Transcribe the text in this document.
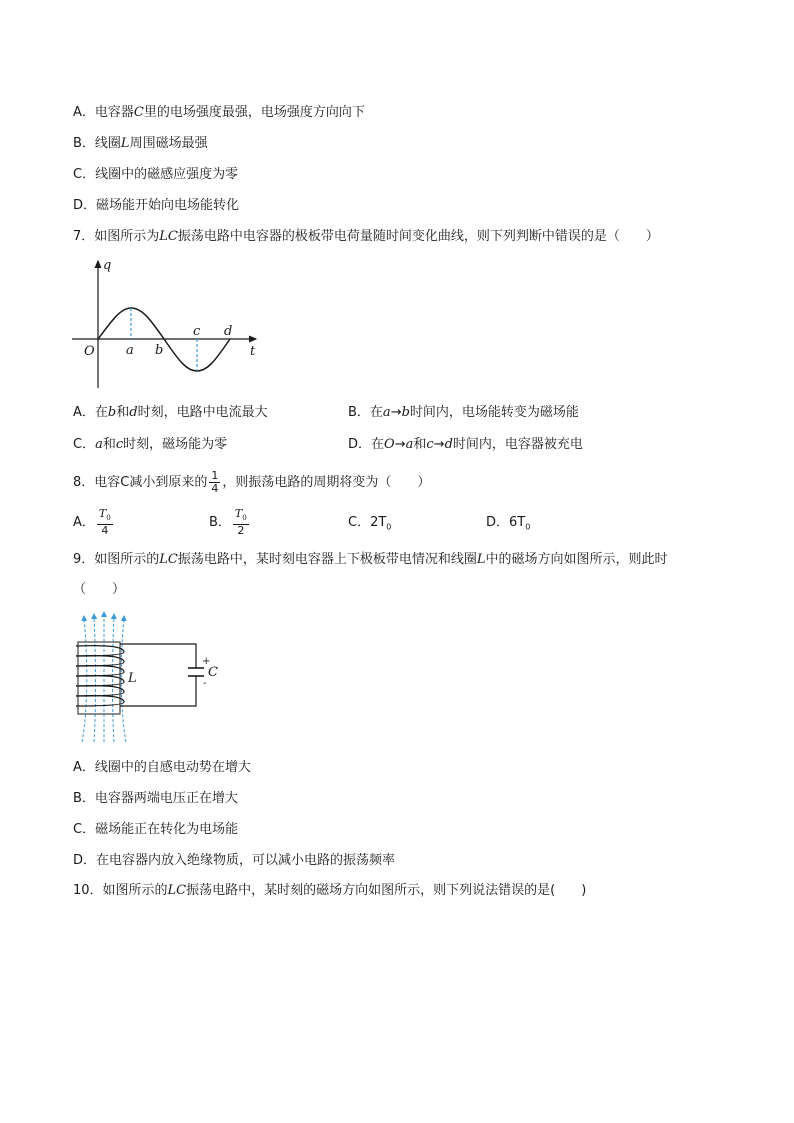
A．电容器C里的电场强度最强，电场强度方向向下
B．线圈L周围磁场最强
C．线圈中的磁感应强度为零
D．磁场能开始向电场能转化
7．如图所示为LC振荡电路中电容器的极板带电荷量随时间变化曲线，则下列判断中错误的是（　　）
q
O a b
c d
t
A．在b和d时刻，电路中电流最大	B．在a→b时间内，电场能转变为磁场能
C．a和c时刻，磁场能为零	D．在O→a和c→d时间内，电容器被充电
8．电容C减小到原来的 $\frac{1}{4}$ ，则振荡电路的周期将变为（　　）
A． $\frac{T_0}{4}$	B． $\frac{T_0}{2}$	C．$2T_0$	D．$6T_0$
9．如图所示的LC振荡电路中，某时刻电容器上下极板带电情况和线圈L中的磁场方向如图所示，则此时
（　　）
+
-
C
L
A．线圈中的自感电动势在增大
B．电容器两端电压正在增大
C．磁场能正在转化为电场能
D．在电容器内放入绝缘物质，可以减小电路的振荡频率
10．如图所示的LC振荡电路中，某时刻的磁场方向如图所示，则下列说法错误的是(　　)
